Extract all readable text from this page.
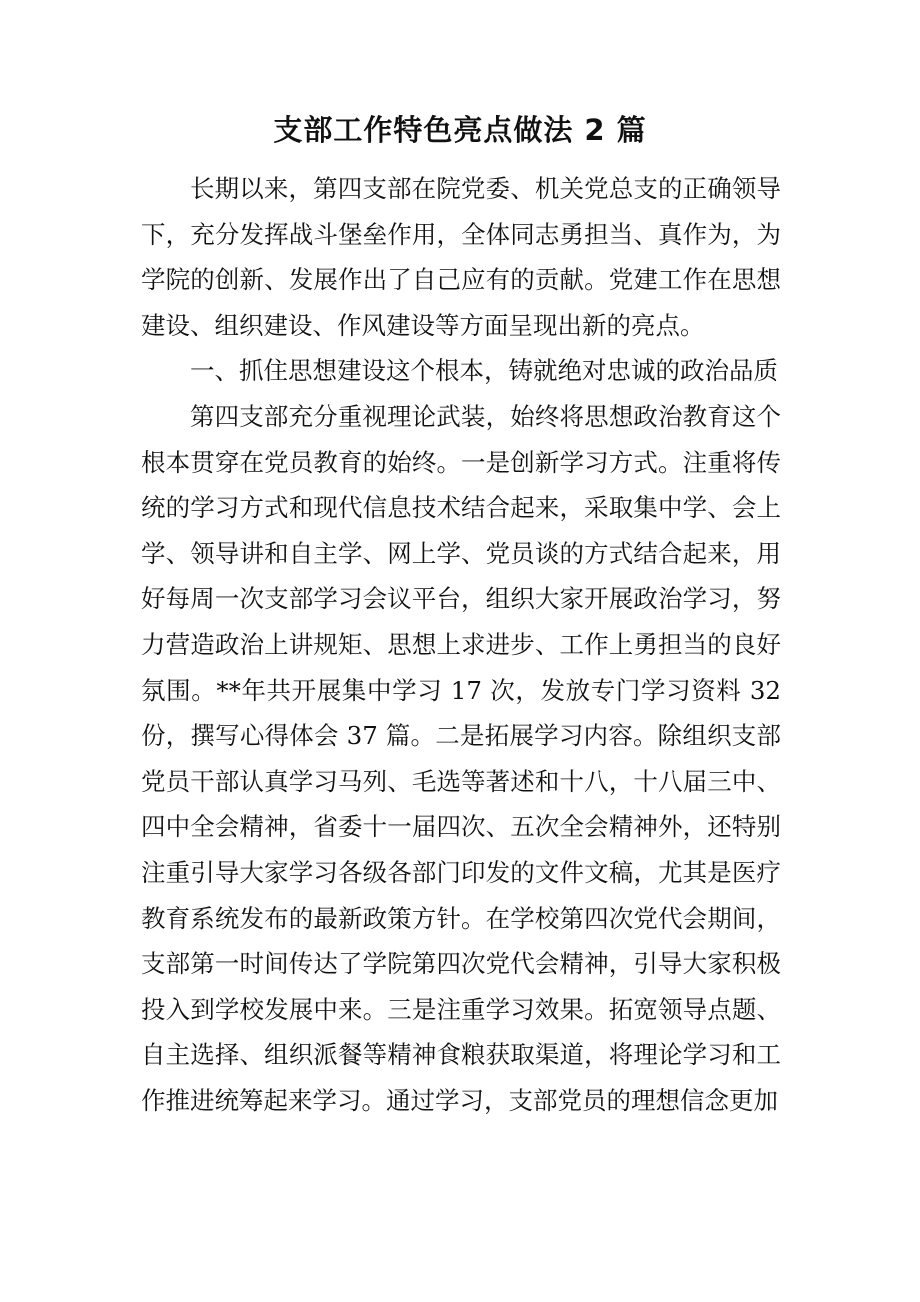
支部工作特色亮点做法 2 篇

长期以来，第四支部在院党委、机关党总支的正确领导下，充分发挥战斗堡垒作用，全体同志勇担当、真作为，为学院的创新、发展作出了自己应有的贡献。党建工作在思想建设、组织建设、作风建设等方面呈现出新的亮点。

一、抓住思想建设这个根本，铸就绝对忠诚的政治品质

第四支部充分重视理论武装，始终将思想政治教育这个根本贯穿在党员教育的始终。一是创新学习方式。注重将传统的学习方式和现代信息技术结合起来，采取集中学、会上学、领导讲和自主学、网上学、党员谈的方式结合起来，用好每周一次支部学习会议平台，组织大家开展政治学习，努力营造政治上讲规矩、思想上求进步、工作上勇担当的良好氛围。**年共开展集中学习 17 次，发放专门学习资料 32 份，撰写心得体会 37 篇。二是拓展学习内容。除组织支部党员干部认真学习马列、毛选等著述和十八，十八届三中、四中全会精神，省委十一届四次、五次全会精神外，还特别注重引导大家学习各级各部门印发的文件文稿，尤其是医疗教育系统发布的最新政策方针。在学校第四次党代会期间，支部第一时间传达了学院第四次党代会精神，引导大家积极投入到学校发展中来。三是注重学习效果。拓宽领导点题、自主选择、组织派餐等精神食粮获取渠道，将理论学习和工作推进统筹起来学习。通过学习，支部党员的理想信念更加
